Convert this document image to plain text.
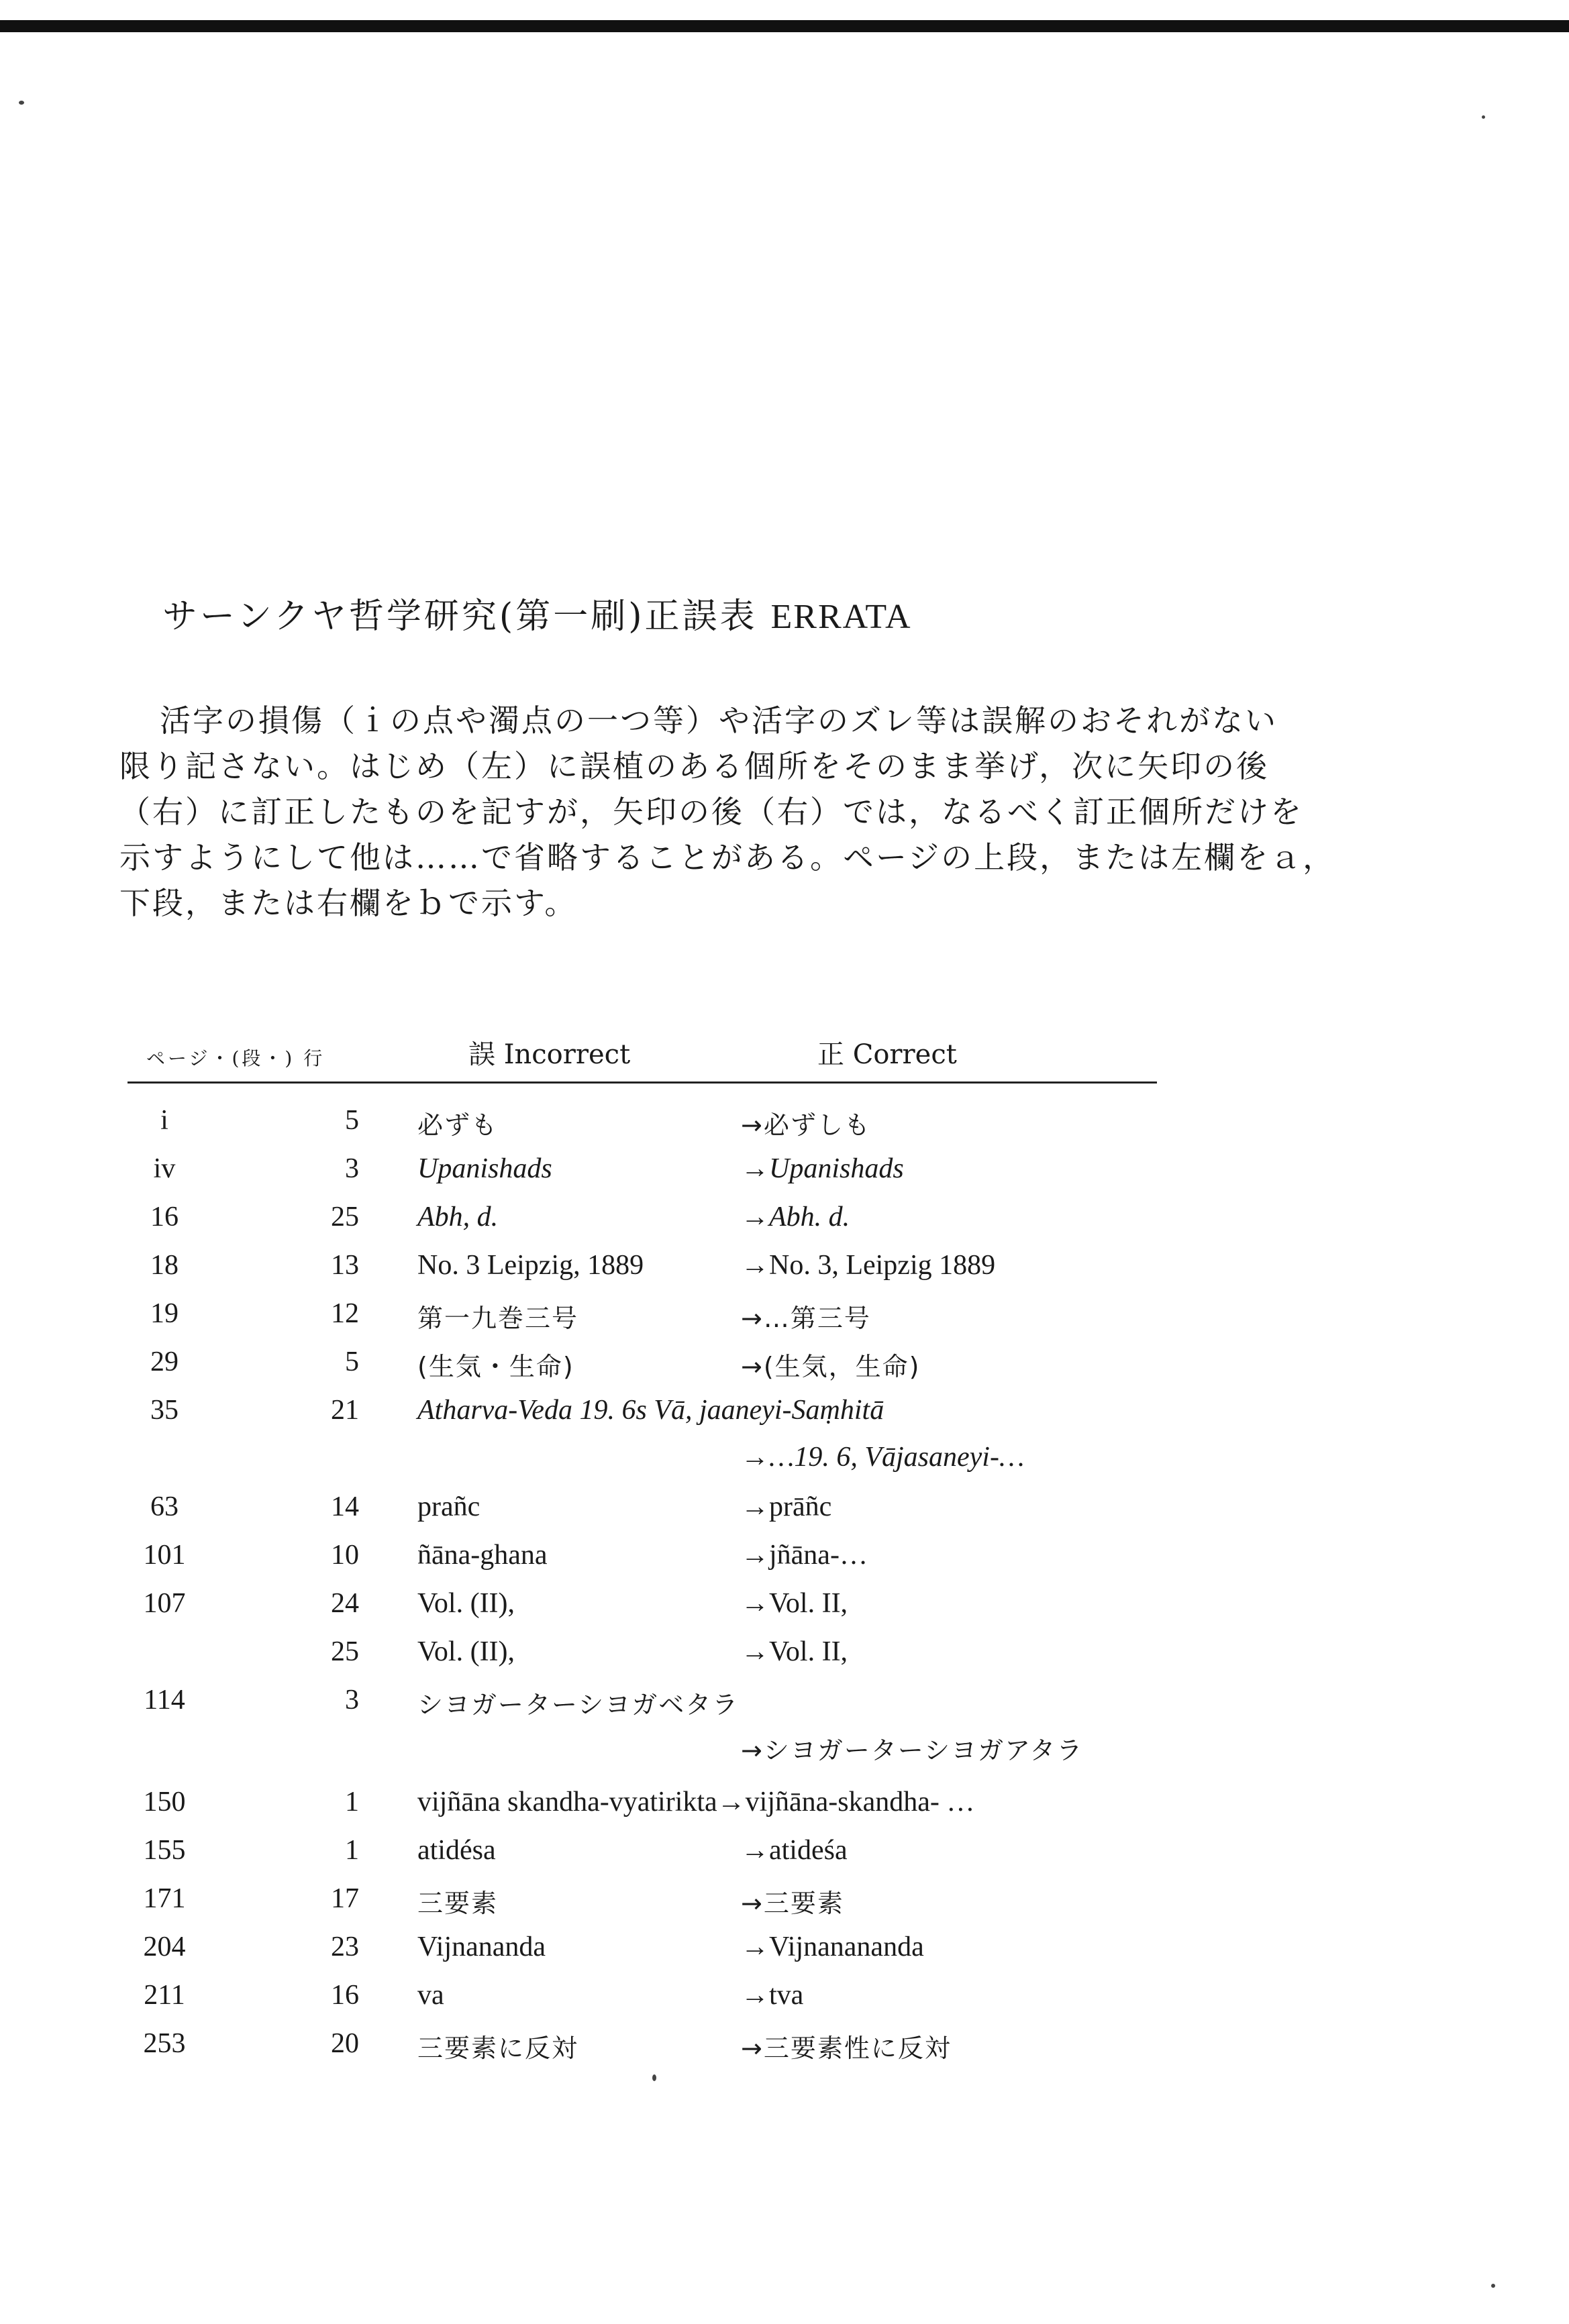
サーンクヤ哲学研究(第一刷)正誤表 ERRATA

活字の損傷（ｉの点や濁点の一つ等）や活字のズレ等は誤解のおそれがない

限り記さない。はじめ（左）に誤植のある個所をそのまま挙げ，次に矢印の後

（右）に訂正したものを記すが，矢印の後（右）では，なるべく訂正個所だけを

示すようにして他は……で省略することがある。ページの上段，または左欄をａ，

下段，または右欄をｂで示す。

ページ・(段・) 行	誤 Incorrect	正 Correct
i	5 必ずも	→必ずしも
iv	3 Upanishads	→Upanishads
16	25 Abh, d.	→Abh. d.
18	13 No. 3 Leipzig, 1889	→No. 3, Leipzig 1889
19	12 第一九巻三号	→…第三号
29	5 (生気・生命)	→(生気，生命)
35	21 Atharva-Veda 19. 6s Vā, jaaneyi-Saṃhitā
→…19. 6, Vājasaneyi-…
63	14 prañc	→prāñc
101	10 ñāna-ghana	→jñāna-…
107	24 Vol. (II),	→Vol. II,
25 Vol. (II),	→Vol. II,
114	3 シヨガーターシヨガベタラ
→シヨガーターシヨガアタラ
150	1 vijñāna skandha-vyatirikta→vijñāna-skandha- …
155	1 atidésa	→atideśa
171	17 三要素	→三要素
204	23 Vijnananda	→Vijnanananda
211	16 va	→tva
253	20 三要素に反対	→三要素性に反対
